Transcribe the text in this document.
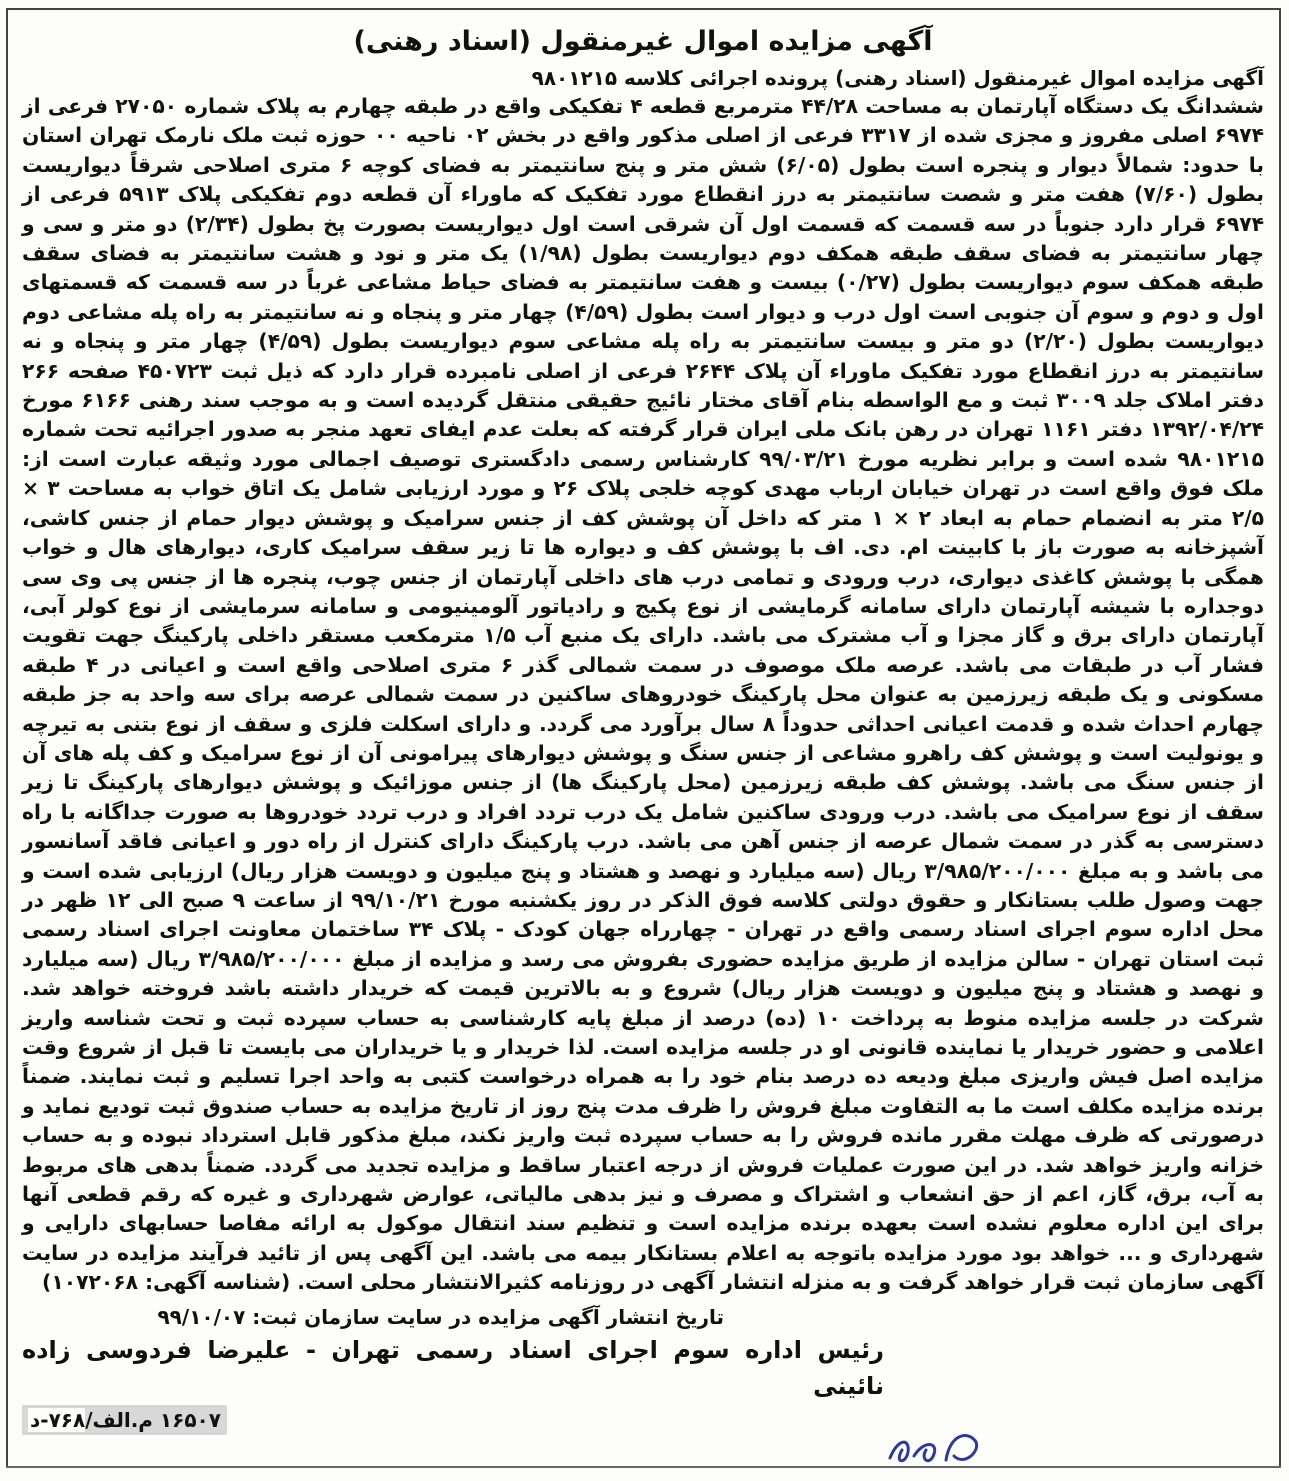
آگهی مزایده اموال غیرمنقول (اسناد رهنی)

آگهی مزایده اموال غیرمنقول (اسناد رهنی) پرونده اجرائی کلاسه ۹۸۰۱۲۱۵

ششدانگ یک دستگاه آپارتمان به مساحت ۴۴/۲۸ مترمربع قطعه ۴ تفکیکی واقع در طبقه چهارم به پلاک شماره ۲۷۰۵۰ فرعی از ۶۹۷۴ اصلی مفروز و مجزی شده از ۳۳۱۷ فرعی از اصلی مذکور واقع در بخش ۰۲ ناحیه ۰۰ حوزه ثبت ملک نارمک تهران استان با حدود: شمالاً دیوار و پنجره است بطول (۶/۰۵) شش متر و پنج سانتیمتر به فضای کوچه ۶ متری اصلاحی شرقاً دیواریست بطول (۷/۶۰) هفت متر و شصت سانتیمتر به درز انقطاع مورد تفکیک که ماوراء آن قطعه دوم تفکیکی پلاک ۵۹۱۳ فرعی از ۶۹۷۴ قرار دارد جنوباً در سه قسمت که قسمت اول آن شرقی است اول دیواریست بصورت پخ بطول (۲/۳۴) دو متر و سی و چهار سانتیمتر به فضای سقف طبقه همکف دوم دیواریست بطول (۱/۹۸) یک متر و نود و هشت سانتیمتر به فضای سقف طبقه همکف سوم دیواریست بطول (۰/۲۷) بیست و هفت سانتیمتر به فضای حیاط مشاعی غرباً در سه قسمت که قسمتهای اول و دوم و سوم آن جنوبی است اول درب و دیوار است بطول (۴/۵۹) چهار متر و پنجاه و نه سانتیمتر به راه پله مشاعی دوم دیواریست بطول (۲/۲۰) دو متر و بیست سانتیمتر به راه پله مشاعی سوم دیواریست بطول (۴/۵۹) چهار متر و پنجاه و نه سانتیمتر به درز انقطاع مورد تفکیک ماوراء آن پلاک ۲۶۴۴ فرعی از اصلی نامبرده قرار دارد که ذیل ثبت ۴۵۰۷۲۳ صفحه ۲۶۶ دفتر املاک جلد ۳۰۰۹ ثبت و مع الواسطه بنام آقای مختار نائیج حقیقی منتقل گردیده است و به موجب سند رهنی ۶۱۶۶ مورخ ۱۳۹۲/۰۴/۲۴ دفتر ۱۱۶۱ تهران در رهن بانک ملی ایران قرار گرفته که بعلت عدم ایفای تعهد منجر به صدور اجرائیه تحت شماره ۹۸۰۱۲۱۵ شده است و برابر نظریه مورخ ۹۹/۰۳/۲۱ کارشناس رسمی دادگستری توصیف اجمالی مورد وثیقه عبارت است از: ملک فوق واقع است در تهران خیابان ارباب مهدی کوچه خلجی پلاک ۲۶ و مورد ارزیابی شامل یک اتاق خواب به مساحت ۳ × ۲/۵ متر به انضمام حمام به ابعاد ۲ × ۱ متر که داخل آن پوشش کف از جنس سرامیک و پوشش دیوار حمام از جنس کاشی، آشپزخانه به صورت باز با کابینت ام. دی. اف با پوشش کف و دیواره ها تا زیر سقف سرامیک کاری، دیوارهای هال و خواب همگی با پوشش کاغذی دیواری، درب ورودی و تمامی درب های داخلی آپارتمان از جنس چوب، پنجره ها از جنس پی وی سی دوجداره با شیشه آپارتمان دارای سامانه گرمایشی از نوع پکیج و رادیاتور آلومینیومی و سامانه سرمایشی از نوع کولر آبی، آپارتمان دارای برق و گاز مجزا و آب مشترک می باشد. دارای یک منبع آب ۱/۵ مترمکعب مستقر داخلی پارکینگ جهت تقویت فشار آب در طبقات می باشد. عرصه ملک موصوف در سمت شمالی گذر ۶ متری اصلاحی واقع است و اعیانی در ۴ طبقه مسکونی و یک طبقه زیرزمین به عنوان محل پارکینگ خودروهای ساکنین در سمت شمالی عرصه برای سه واحد به جز طبقه چهارم احداث شده و قدمت اعیانی احداثی حدوداً ۸ سال برآورد می گردد. و دارای اسکلت فلزی و سقف از نوع بتنی به تیرچه و یونولیت است و پوشش کف راهرو مشاعی از جنس سنگ و پوشش دیوارهای پیرامونی آن از نوع سرامیک و کف پله های آن از جنس سنگ می باشد. پوشش کف طبقه زیرزمین (محل پارکینگ ها) از جنس موزائیک و پوشش دیوارهای پارکینگ تا زیر سقف از نوع سرامیک می باشد. درب ورودی ساکنین شامل یک درب تردد افراد و درب تردد خودروها به صورت جداگانه با راه دسترسی به گذر در سمت شمال عرصه از جنس آهن می باشد. درب پارکینگ دارای کنترل از راه دور و اعیانی فاقد آسانسور می باشد و به مبلغ ۳/۹۸۵/۲۰۰/۰۰۰ ریال (سه میلیارد و نهصد و هشتاد و پنج میلیون و دویست هزار ریال) ارزیابی شده است و جهت وصول طلب بستانکار و حقوق دولتی کلاسه فوق الذکر در روز یکشنبه مورخ ۹۹/۱۰/۲۱ از ساعت ۹ صبح الی ۱۲ ظهر در محل اداره سوم اجرای اسناد رسمی واقع در تهران - چهارراه جهان کودک - پلاک ۳۴ ساختمان معاونت اجرای اسناد رسمی ثبت استان تهران - سالن مزایده از طریق مزایده حضوری بفروش می رسد و مزایده از مبلغ ۳/۹۸۵/۲۰۰/۰۰۰ ریال (سه میلیارد و نهصد و هشتاد و پنج میلیون و دویست هزار ریال) شروع و به بالاترین قیمت که خریدار داشته باشد فروخته خواهد شد. شرکت در جلسه مزایده منوط به پرداخت ۱۰ (ده) درصد از مبلغ پایه کارشناسی به حساب سپرده ثبت و تحت شناسه واریز اعلامی و حضور خریدار یا نماینده قانونی او در جلسه مزایده است. لذا خریدار و یا خریداران می بایست تا قبل از شروع وقت مزایده اصل فیش واریزی مبلغ ودیعه ده درصد بنام خود را به همراه درخواست کتبی به واحد اجرا تسلیم و ثبت نمایند. ضمناً برنده مزایده مکلف است ما به التفاوت مبلغ فروش را ظرف مدت پنج روز از تاریخ مزایده به حساب صندوق ثبت تودیع نماید و درصورتی که ظرف مهلت مقرر مانده فروش را به حساب سپرده ثبت واریز نکند، مبلغ مذکور قابل استرداد نبوده و به حساب خزانه واریز خواهد شد. در این صورت عملیات فروش از درجه اعتبار ساقط و مزایده تجدید می گردد. ضمناً بدهی های مربوط به آب، برق، گاز، اعم از حق انشعاب و اشتراک و مصرف و نیز بدهی مالیاتی، عوارض شهرداری و غیره که رقم قطعی آنها برای این اداره معلوم نشده است بعهده برنده مزایده است و تنظیم سند انتقال موکول به ارائه مفاصا حسابهای دارایی و شهرداری و ... خواهد بود مورد مزایده باتوجه به اعلام بستانکار بیمه می باشد. این آگهی پس از تائید فرآیند مزایده در سایت آگهی سازمان ثبت قرار خواهد گرفت و به منزله انتشار آگهی در روزنامه کثیرالانتشار محلی است. (شناسه آگهی: ۱۰۷۲۰۶۸)

تاریخ انتشار آگهی مزایده در سایت سازمان ثبت: ۹۹/۱۰/۰۷
رئیس اداره سوم اجرای اسناد رسمی تهران - علیرضا فردوسی زاده نائینی
۱۶۵۰۷ م.الف/۷۶۸-د
۳۵۶
